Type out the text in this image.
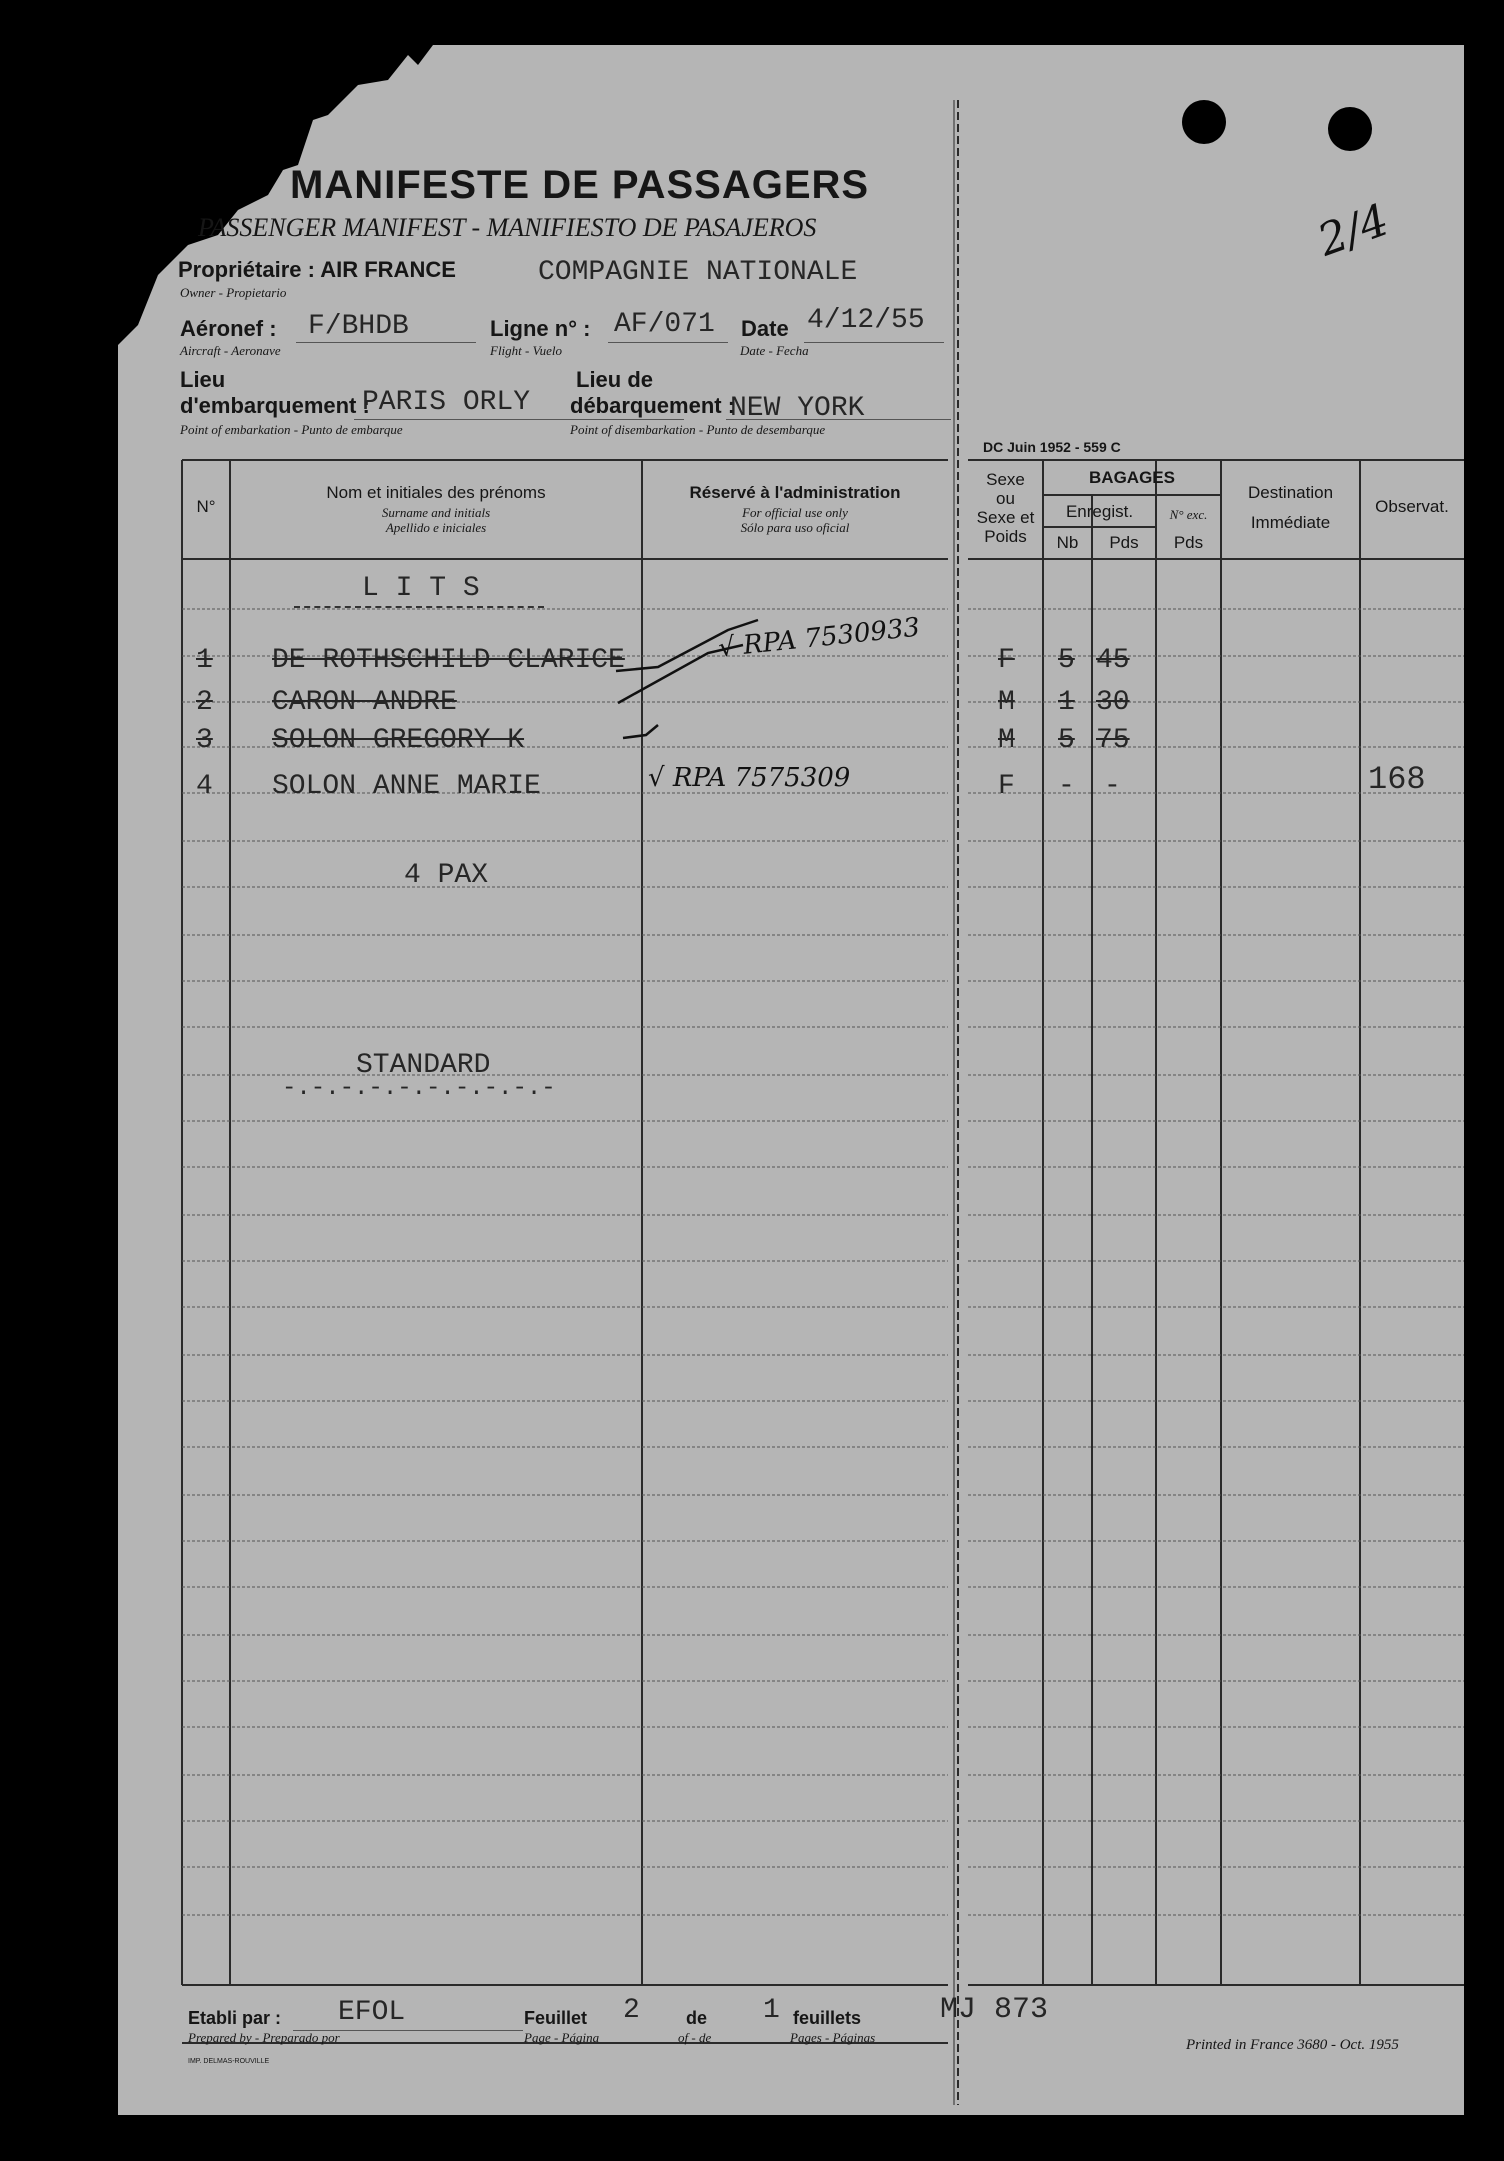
2/4
MANIFESTE DE PASSAGERS
PASSENGER MANIFEST - MANIFIESTO DE PASAJEROS
Propriétaire : AIR FRANCE
Owner - Propietario
COMPAGNIE NATIONALE
Aéronef :
Aircraft - Aeronave
F/BHDB	Ligne n° :
Flight - Vuelo
AF/071 Date
Date - Fecha
4/12/55
Lieu
d'embarquement :
Point of embarkation - Punto de embarque
PARIS ORLY
Lieu de
débarquement :
Point of disembarkation - Punto de desembarque
NEW YORK
DC Juin 1952 - 559 C
N°
Nom et initiales des prénoms
Surname and initials
Apellido e iniciales
Réservé à l'administration
For official use only
Sólo para uso oficial
Sexe
ou
Sexe et
Poids
BAGAGES
Enregist.
Nb	Pds
N° exc.
Pds
Destination
Immédiate
Observat.
L I T S
1 DE ROTHSCHILD CLARICE	√ RPA 7530933	F 5 45
2 CARON ANDRE	M 1 30
3 SOLON GREGORY K	M 5 75
4 SOLON ANNE MARIE	√ RPA 7575309	F - -	168
4 PAX
STANDARD
-.-.-.-.-.-.-.-.-.-
Etabli par :
Prepared by - Preparado por
EFOL	Feuillet
Page - Página
2	de
of - de
1 feuillets
Pages - Páginas
MJ 873
IMP. DELMAS-ROUVILLE
Printed in France 3680 - Oct. 1955
